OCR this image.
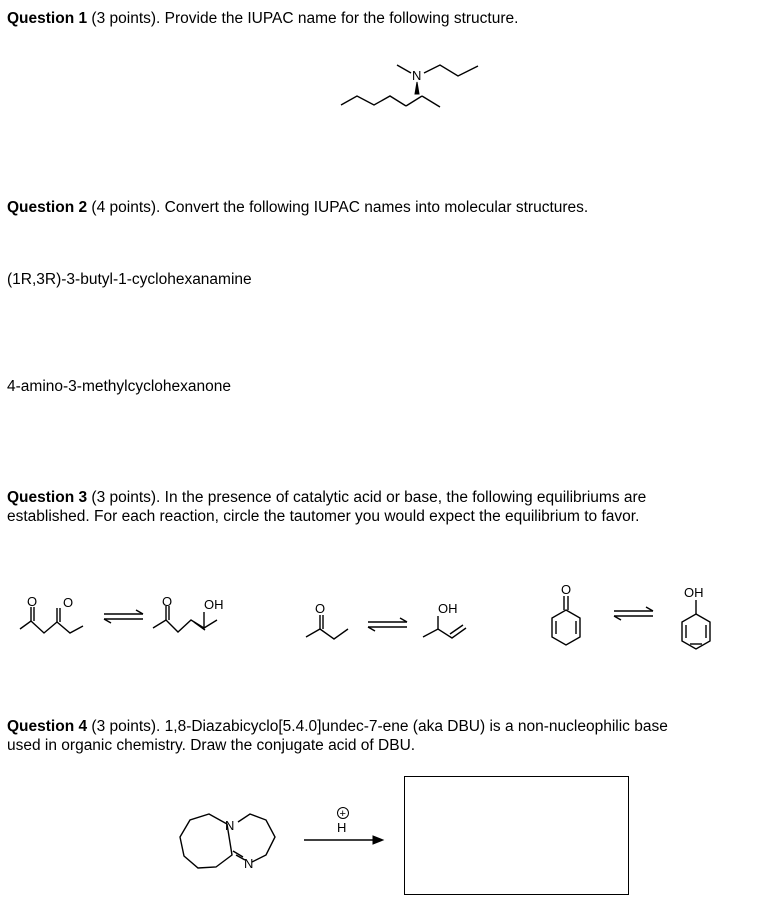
Question 1 (3 points). Provide the IUPAC name for the following structure.
Question 2 (4 points). Convert the following IUPAC names into molecular structures.
(1R,3R)-3-butyl-1-cyclohexanamine
4-amino-3-methylcyclohexanone
Question 3 (3 points). In the presence of catalytic acid or base, the following equilibriums are
established. For each reaction, circle the tautomer you would expect the equilibrium to favor.
Question 4 (3 points). 1,8-Diazabicyclo[5.4.0]undec-7-ene (aka DBU) is a non-nucleophilic base
used in organic chemistry. Draw the conjugate acid of DBU.
N
O O	O OH	O	OH
O	OH
N
N
+
H
